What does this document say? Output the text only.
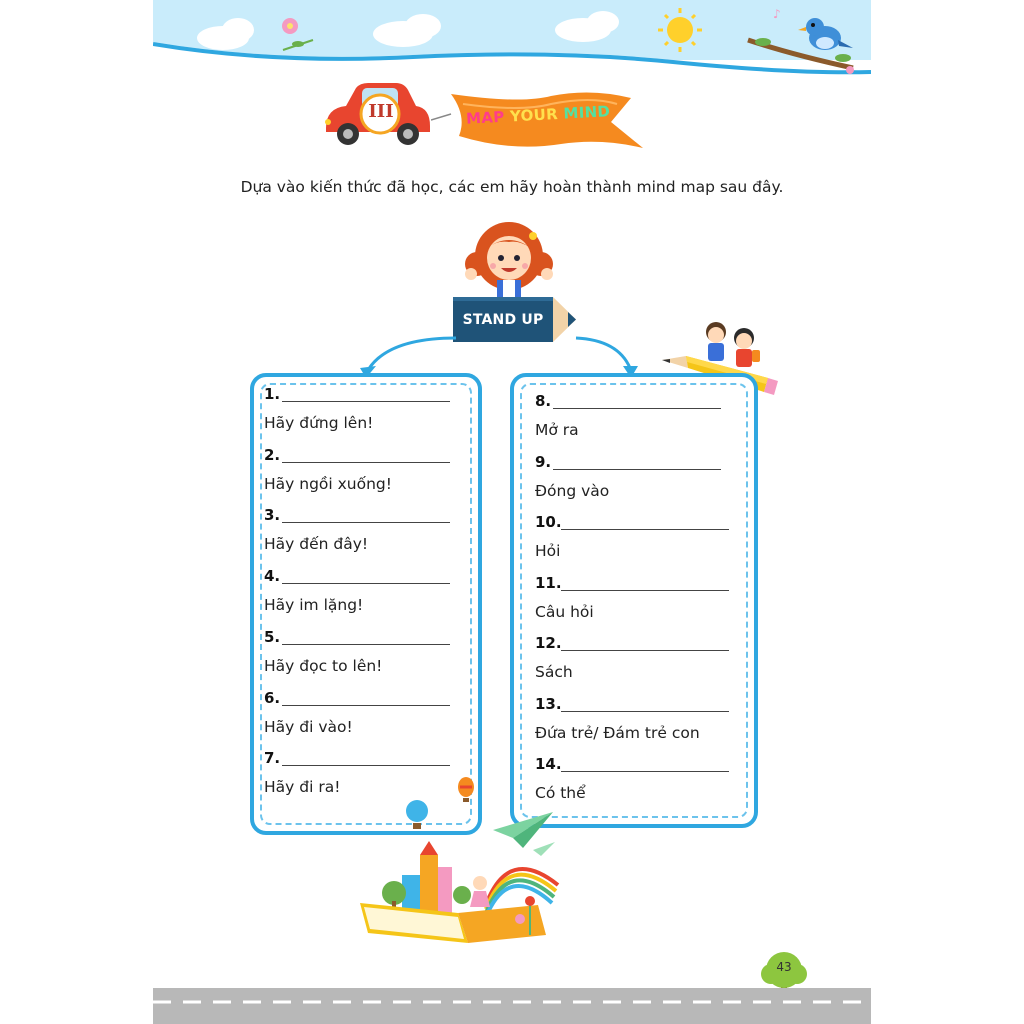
♪
III	MAP YOUR MIND
Dựa vào kiến thức đã học, các em hãy hoàn thành mind map sau đây.
STAND UP
43
1.
Hãy đứng lên!
2.
Hãy ngồi xuống!
3.
Hãy đến đây!
4.
Hãy im lặng!
5.
Hãy đọc to lên!
6.
Hãy đi vào!
7.
Hãy đi ra!
8.
Mở ra
9.
Đóng vào
10.
Hỏi
11.
Câu hỏi
12.
Sách
13.
Đứa trẻ/ Đám trẻ con
14.
Có thể
